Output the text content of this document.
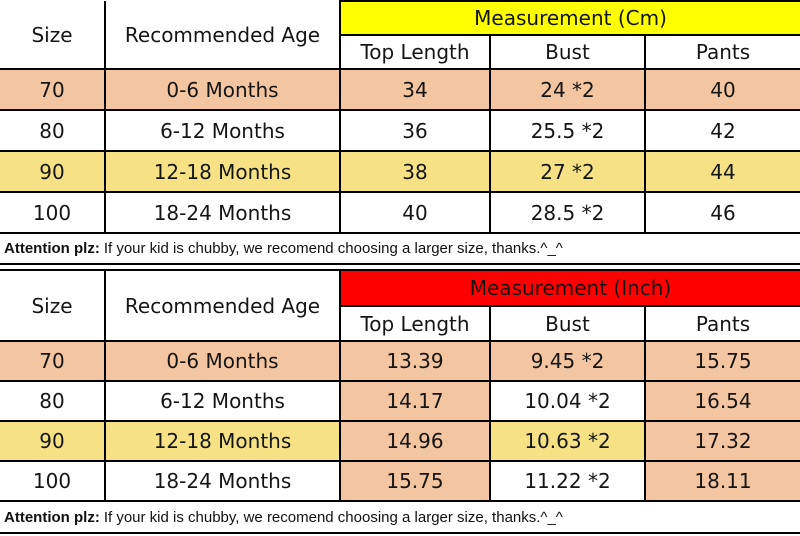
Size	Recommended Age	Measurement (Cm)		
		Top Length	Bust	Pants
70	0-6 Months	34	24 *2	40
80	6-12 Months	36	25.5 *2	42
90	12-18 Months	38	27 *2	44
100	18-24 Months	40	28.5 *2	46
Attention plz: If your kid is chubby, we recomend choosing a larger size, thanks.^_^
Size	Recommended Age	Measurement (Inch)		
		Top Length	Bust	Pants
70	0-6 Months	13.39	9.45 *2	15.75
80	6-12 Months	14.17	10.04 *2	16.54
90	12-18 Months	14.96	10.63 *2	17.32
100	18-24 Months	15.75	11.22 *2	18.11
Attention plz: If your kid is chubby, we recomend choosing a larger size, thanks.^_^
